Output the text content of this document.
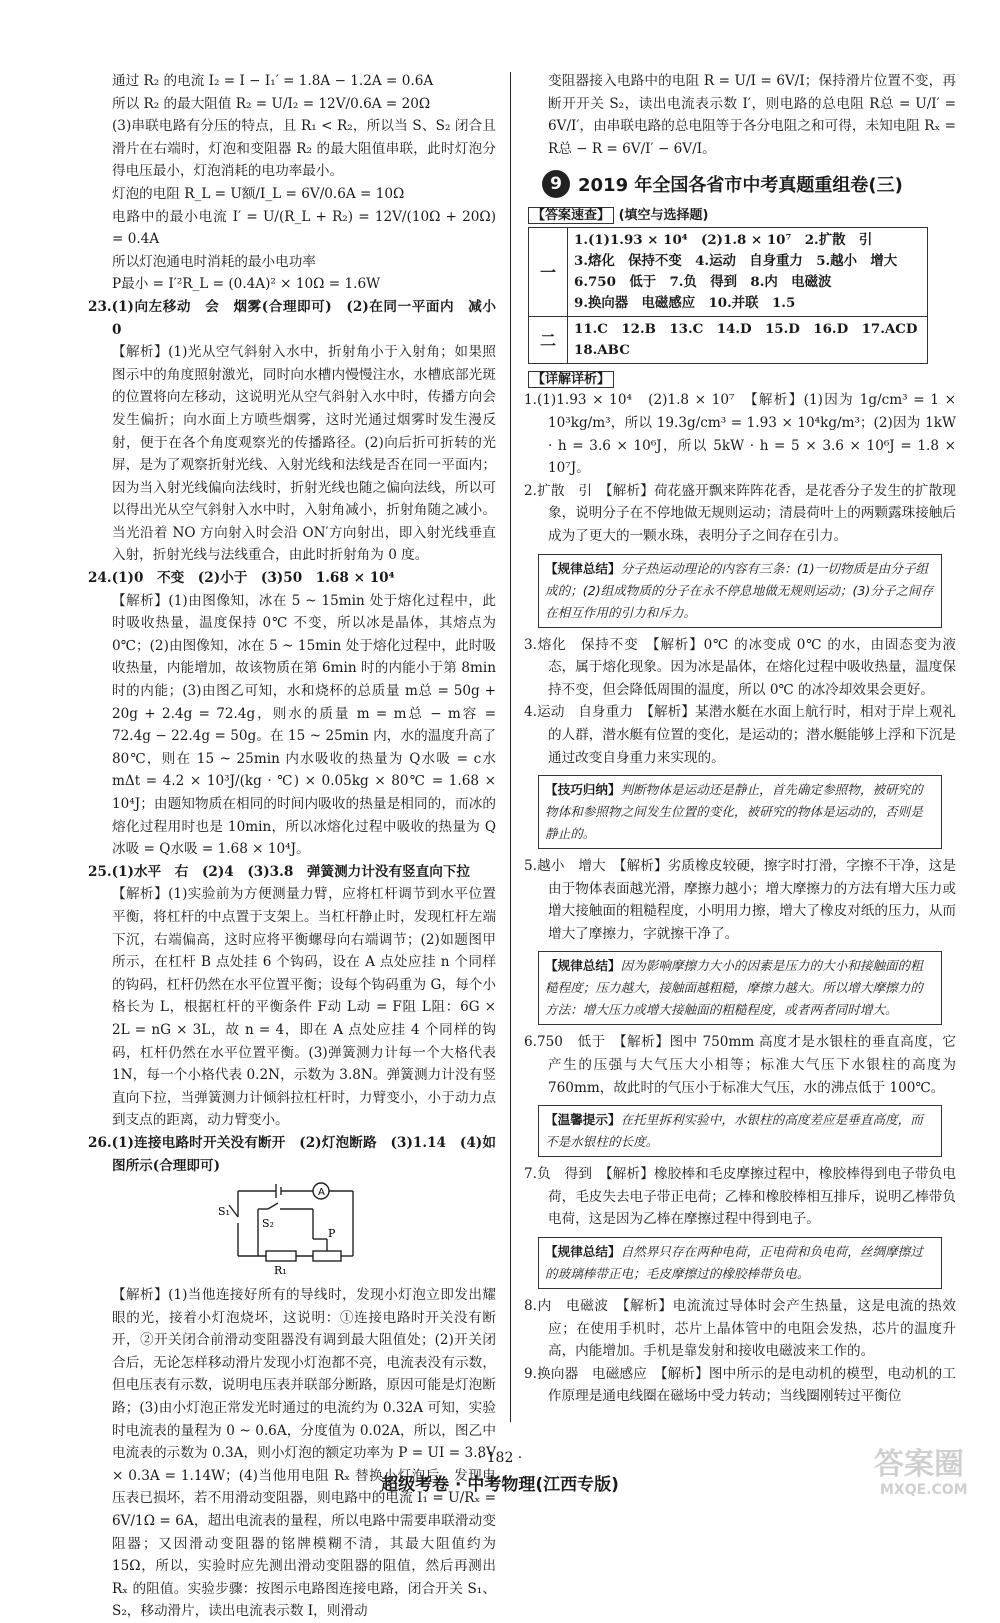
通过 R₂ 的电流 I₂ = I − I₁′ = 1.8A − 1.2A = 0.6A

所以 R₂ 的最大阻值 R₂ = U/I₂ = 12V/0.6A = 20Ω

(3)串联电路有分压的特点，且 R₁ < R₂，所以当 S、S₂ 闭合且滑片在右端时，灯泡和变阻器 R₂ 的最大阻值串联，此时灯泡分得电压最小，灯泡消耗的电功率最小。

灯泡的电阻 R_L = U额/I_L = 6V/0.6A = 10Ω

电路中的最小电流 I′ = U/(R_L + R₂) = 12V/(10Ω + 20Ω) = 0.4A

所以灯泡通电时消耗的最小电功率

P最小 = I′²R_L = (0.4A)² × 10Ω = 1.6W

23.(1)向左移动　会　烟雾(合理即可)　(2)在同一平面内　减小　0

【解析】(1)光从空气斜射入水中，折射角小于入射角；如果照图示中的角度照射激光，同时向水槽内慢慢注水，水槽底部光斑的位置将向左移动，这说明光从空气斜射入水中时，传播方向会发生偏折；向水面上方喷些烟雾，这时光通过烟雾时发生漫反射，便于在各个角度观察光的传播路径。(2)向后折可折转的光屏，是为了观察折射光线、入射光线和法线是否在同一平面内；因为当入射光线偏向法线时，折射光线也随之偏向法线，所以可以得出光从空气斜射入水中时，入射角减小，折射角随之减小。当光沿着 NO 方向射入时会沿 ON′方向射出，即入射光线垂直入射，折射光线与法线重合，由此时折射角为 0 度。

24.(1)0　不变　(2)小于　(3)50　1.68 × 10⁴

【解析】(1)由图像知，冰在 5 ~ 15min 处于熔化过程中，此时吸收热量，温度保持 0℃ 不变，所以冰是晶体，其熔点为 0℃；(2)由图像知，冰在 5 ~ 15min 处于熔化过程中，此时吸收热量，内能增加，故该物质在第 6min 时的内能小于第 8min 时的内能；(3)由图乙可知，水和烧杯的总质量 m总 = 50g + 20g + 2.4g = 72.4g，则水的质量 m = m总 − m容 = 72.4g − 22.4g = 50g。在 15 ~ 25min 内，水的温度升高了 80℃，则在 15 ~ 25min 内水吸收的热量为 Q水吸 = c水 mΔt = 4.2 × 10³J/(kg · ℃) × 0.05kg × 80℃ = 1.68 × 10⁴J；由题知物质在相同的时间内吸收的热量是相同的，而冰的熔化过程用时也是 10min，所以冰熔化过程中吸收的热量为 Q冰吸 = Q水吸 = 1.68 × 10⁴J。

25.(1)水平　右　(2)4　(3)3.8　弹簧测力计没有竖直向下拉

【解析】(1)实验前为方便测量力臂，应将杠杆调节到水平位置平衡，将杠杆的中点置于支架上。当杠杆静止时，发现杠杆左端下沉，右端偏高，这时应将平衡螺母向右端调节；(2)如题图甲所示，在杠杆 B 点处挂 6 个钩码，设在 A 点处应挂 n 个同样的钩码，杠杆仍然在水平位置平衡；设每个钩码重为 G，每个小格长为 L，根据杠杆的平衡条件 F动 L动 = F阻 L阻：6G × 2L = nG × 3L，故 n = 4，即在 A 点处应挂 4 个同样的钩码，杠杆仍然在水平位置平衡。(3)弹簧测力计每一个大格代表 1N，每一个小格代表 0.2N，示数为 3.8N。弹簧测力计没有竖直向下拉，当弹簧测力计倾斜拉杠杆时，力臂变小，小于动力点到支点的距离，动力臂变小。

26.(1)连接电路时开关没有断开　(2)灯泡断路　(3)1.14　(4)如图所示(合理即可)

A
S₁
S₂
P
R₁

【解析】(1)当他连接好所有的导线时，发现小灯泡立即发出耀眼的光，接着小灯泡烧坏，这说明：①连接电路时开关没有断开，②开关闭合前滑动变阻器没有调到最大阻值处；(2)开关闭合后，无论怎样移动滑片发现小灯泡都不亮，电流表没有示数，但电压表有示数，说明电压表并联部分断路，原因可能是灯泡断路；(3)由小灯泡正常发光时通过的电流约为 0.32A 可知，实验时电流表的量程为 0 ~ 0.6A，分度值为 0.02A，所以，图乙中电流表的示数为 0.3A，则小灯泡的额定功率为 P = UI = 3.8V × 0.3A = 1.14W；(4)当他用电阻 Rₓ 替换小灯泡后，发现电压表已损坏，若不用滑动变阻器，则电路中的电流 I₁ = U/Rₓ = 6V/1Ω = 6A，超出电流表的量程，所以电路中需要串联滑动变阻器；又因滑动变阻器的铭牌模糊不清，其最大阻值约为 15Ω，所以，实验时应先测出滑动变阻器的阻值，然后再测出 Rₓ 的阻值。实验步骤：按图示电路图连接电路，闭合开关 S₁、S₂，移动滑片，读出电流表示数 I，则滑动

变阻器接入电路中的电阻 R = U/I = 6V/I；保持滑片位置不变，再断开开关 S₂，读出电流表示数 I′，则电路的总电阻 R总 = U/I′ = 6V/I′，由串联电路的总电阻等于各分电阻之和可得，未知电阻 Rₓ = R总 − R = 6V/I′ − 6V/I。

9 2019 年全国各省市中考真题重组卷(三)
【答案速查】 (填空与选择题)
一	1.(1)1.93 × 10⁴　(2)1.8 × 10⁷　2.扩散　引
3.熔化　保持不变　4.运动　自身重力　5.越小　增大
6.750　低于　7.负　得到　8.内　电磁波
9.换向器　电磁感应　10.并联　1.5

二	11.C　12.B　13.C　14.D　15.D　16.D　17.ACD
18.ABC
【详解详析】

1.(1)1.93 × 10⁴　(2)1.8 × 10⁷　【解析】(1)因为 1g/cm³ = 1 × 10³kg/m³，所以 19.3g/cm³ = 1.93 × 10⁴kg/m³；(2)因为 1kW · h = 3.6 × 10⁶J，所以 5kW · h = 5 × 3.6 × 10⁶J = 1.8 × 10⁷J。

2.扩散　引　【解析】荷花盛开飘来阵阵花香，是花香分子发生的扩散现象，说明分子在不停地做无规则运动；清晨荷叶上的两颗露珠接触后成为了更大的一颗水珠，表明分子之间存在引力。

【规律总结】分子热运动理论的内容有三条：(1)一切物质是由分子组成的；(2)组成物质的分子在永不停息地做无规则运动；(3)分子之间存在相互作用的引力和斥力。

3.熔化　保持不变　【解析】0℃ 的冰变成 0℃ 的水，由固态变为液态，属于熔化现象。因为冰是晶体，在熔化过程中吸收热量，温度保持不变，但会降低周围的温度，所以 0℃ 的冰冷却效果会更好。

4.运动　自身重力　【解析】某潜水艇在水面上航行时，相对于岸上观礼的人群，潜水艇有位置的变化，是运动的；潜水艇能够上浮和下沉是通过改变自身重力来实现的。

【技巧归纳】判断物体是运动还是静止，首先确定参照物，被研究的物体和参照物之间发生位置的变化，被研究的物体是运动的，否则是静止的。

5.越小　增大　【解析】劣质橡皮较硬，擦字时打滑，字擦不干净，这是由于物体表面越光滑，摩擦力越小；增大摩擦力的方法有增大压力或增大接触面的粗糙程度，小明用力擦，增大了橡皮对纸的压力，从而增大了摩擦力，字就擦干净了。

【规律总结】因为影响摩擦力大小的因素是压力的大小和接触面的粗糙程度；压力越大，接触面越粗糙，摩擦力越大。所以增大摩擦力的方法：增大压力或增大接触面的粗糙程度，或者两者同时增大。

6.750　低于　【解析】图中 750mm 高度才是水银柱的垂直高度，它产生的压强与大气压大小相等；标准大气压下水银柱的高度为 760mm，故此时的气压小于标准大气压，水的沸点低于 100℃。

【温馨提示】在托里拆利实验中，水银柱的高度差应是垂直高度，而不是水银柱的长度。

7.负　得到　【解析】橡胶棒和毛皮摩擦过程中，橡胶棒得到电子带负电荷，毛皮失去电子带正电荷；乙棒和橡胶棒相互排斥，说明乙棒带负电荷，这是因为乙棒在摩擦过程中得到电子。

【规律总结】自然界只存在两种电荷，正电荷和负电荷，丝绸摩擦过的玻璃棒带正电；毛皮摩擦过的橡胶棒带负电。

8.内　电磁波　【解析】电流流过导体时会产生热量，这是电流的热效应；在使用手机时，芯片上晶体管中的电阻会发热，芯片的温度升高，内能增加。手机是靠发射和接收电磁波来工作的。

9.换向器　电磁感应　【解析】图中所示的是电动机的模型，电动机的工作原理是通电线圈在磁场中受力转动；当线圈刚转过平衡位

· 182 ·
超级考卷 · 中考物理(江西专版)
答案圈
MXQE.COM
